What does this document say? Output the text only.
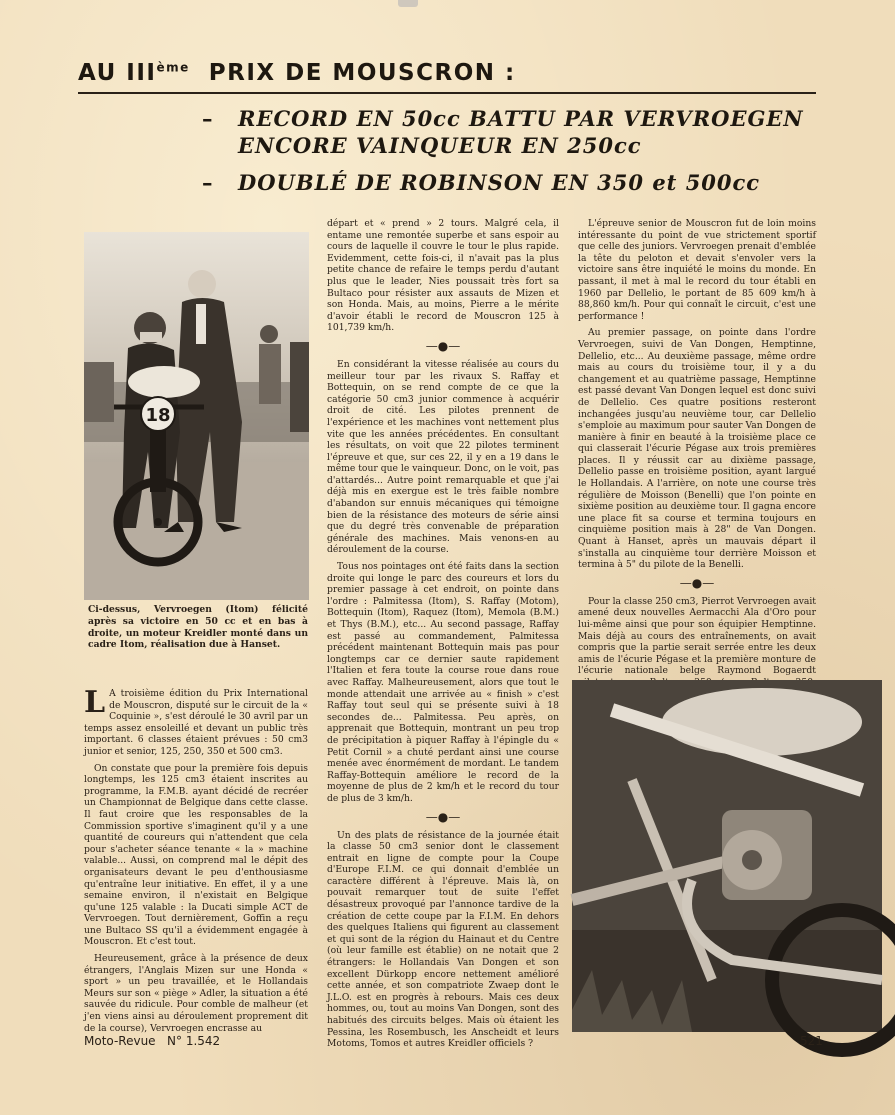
AU IIIème PRIX DE MOUSCRON :
– RECORD EN 50cc BATTU PAR VERVROEGEN
ENCORE VAINQUEUR EN 250cc
– DOUBLÉ DE ROBINSON EN 350 et 500cc
18
Ci-dessus, Vervroegen (Itom) félicité après sa victoire en 50 cc et en bas à droite, un moteur Kreidler monté dans un cadre Itom, réalisation due à Hanset.

L A troisième édition du Prix International de Mouscron, disputé sur le circuit de la « Coquinie », s'est déroulé le 30 avril par un temps assez ensoleillé et devant un public très important. 6 classes étaient prévues : 50 cm3 junior et senior, 125, 250, 350 et 500 cm3.

On constate que pour la première fois depuis longtemps, les 125 cm3 étaient inscrites au programme, la F.M.B. ayant décidé de recréer un Championnat de Belgique dans cette classe. Il faut croire que les responsables de la Commission sportive s'imaginent qu'il y a une quantité de coureurs qui n'attendent que cela pour s'acheter séance tenante « la » machine valable... Aussi, on comprend mal le dépit des organisateurs devant le peu d'enthousiasme qu'entraîne leur initiative. En effet, il y a une semaine environ, il n'existait en Belgique qu'une 125 valable : la Ducati simple ACT de Vervroegen. Tout dernièrement, Goffin a reçu une Bultaco SS qu'il a évidemment engagée à Mouscron. Et c'est tout.

Heureusement, grâce à la présence de deux étrangers, l'Anglais Mizen sur une Honda « sport » un peu travaillée, et le Hollandais Meurs sur son « piège » Adler, la situation a été sauvée du ridicule. Pour comble de malheur (et j'en viens ainsi au déroulement proprement dit de la course), Vervroegen encrasse au

départ et « prend » 2 tours. Malgré cela, il entame une remontée superbe et sans espoir au cours de laquelle il couvre le tour le plus rapide. Evidemment, cette fois-ci, il n'avait pas la plus petite chance de refaire le temps perdu d'autant plus que le leader, Nies poussait très fort sa Bultaco pour résister aux assauts de Mizen et son Honda. Mais, au moins, Pierre a le mérite d'avoir établi le record de Mouscron 125 à 101,739 km/h.

—●—

En considérant la vitesse réalisée au cours du meilleur tour par les rivaux S. Raffay et Bottequin, on se rend compte de ce que la catégorie 50 cm3 junior commence à acquérir droit de cité. Les pilotes prennent de l'expérience et les machines vont nettement plus vite que les années précédentes. En consultant les résultats, on voit que 22 pilotes terminent l'épreuve et que, sur ces 22, il y en a 19 dans le même tour que le vainqueur. Donc, on le voit, pas d'attardés... Autre point remarquable et que j'ai déjà mis en exergue est le très faible nombre d'abandon sur ennuis mécaniques qui témoigne bien de la résistance des moteurs de série ainsi que du degré très convenable de préparation générale des machines. Mais venons-en au déroulement de la course.

Tous nos pointages ont été faits dans la section droite qui longe le parc des coureurs et lors du premier passage à cet endroit, on pointe dans l'ordre : Palmitessa (Itom), S. Raffay (Motom), Bottequin (Itom), Raquez (Itom), Memola (B.M.) et Thys (B.M.), etc... Au second passage, Raffay est passé au commandement, Palmitessa précédent maintenant Bottequin mais pas pour longtemps car ce dernier saute rapidement l'Italien et fera toute la course roue dans roue avec Raffay. Malheureusement, alors que tout le monde attendait une arrivée au « finish » c'est Raffay tout seul qui se présente suivi à 18 secondes de... Palmitessa. Peu après, on apprenait que Bottequin, montrant un peu trop de précipitation à piquer Raffay à l'épingle du « Petit Cornil » a chuté perdant ainsi une course menée avec énormément de mordant. Le tandem Raffay-Bottequin améliore le record de la moyenne de plus de 2 km/h et le record du tour de plus de 3 km/h.

—●—

Un des plats de résistance de la journée était la classe 50 cm3 senior dont le classement entrait en ligne de compte pour la Coupe d'Europe F.I.M. ce qui donnait d'emblée un caractère différent à l'épreuve. Mais là, on pouvait remarquer tout de suite l'effet désastreux provoqué par l'annonce tardive de la création de cette coupe par la F.I.M. En dehors des quelques Italiens qui figurent au classement et qui sont de la région du Hainaut et du Centre (où leur famille est établie) on ne notait que 2 étrangers: le Hollandais Van Dongen et son excellent Dürkopp encore nettement amélioré cette année, et son compatriote Zwaep dont le J.L.O. est en progrès à rebours. Mais ces deux hommes, ou, tout au moins Van Dongen, sont des habitués des circuits belges. Mais où étaient les Pessina, les Rosembusch, les Anscheidt et leurs Motoms, Tomos et autres Kreidler officiels ?

L'épreuve senior de Mouscron fut de loin moins intéressante du point de vue strictement sportif que celle des juniors. Vervroegen prenait d'emblée la tête du peloton et devait s'envoler vers la victoire sans être inquiété le moins du monde. En passant, il met à mal le record du tour établi en 1960 par Dellelio, le portant de 85 609 km/h à 88,860 km/h. Pour qui connaît le circuit, c'est une performance !

Au premier passage, on pointe dans l'ordre Vervroegen, suivi de Van Dongen, Hemptinne, Dellelio, etc... Au deuxième passage, même ordre mais au cours du troisième tour, il y a du changement et au quatrième passage, Hemptinne est passé devant Van Dongen lequel est donc suivi de Dellelio. Ces quatre positions resteront inchangées jusqu'au neuvième tour, car Dellelio s'emploie au maximum pour sauter Van Dongen de manière à finir en beauté à la troisième place ce qui classerait l'écurie Pégase aux trois premières places. Il y réussit car au dixième passage, Dellelio passe en troisième position, ayant largué le Hollandais. A l'arrière, on note une course très régulière de Moisson (Benelli) que l'on pointe en sixième position au deuxième tour. Il gagna encore une place fit sa course et termina toujours en cinquième position mais à 28" de Van Dongen. Quant à Hanset, après un mauvais départ il s'installa au cinquième tour derrière Moisson et termina à 5" du pilote de la Benelli.

—●—

Pour la classe 250 cm3, Pierrot Vervroegen avait amené deux nouvelles Aermacchi Ala d'Oro pour lui-même ainsi que pour son équipier Hemptinne. Mais déjà au cours des entraînements, on avait compris que la partie serait serrée entre les deux amis de l'écurie Pégase et la première monture de l'écurie nationale belge Raymond Bogaerdt

Moto-Revue N° 1.542	521
